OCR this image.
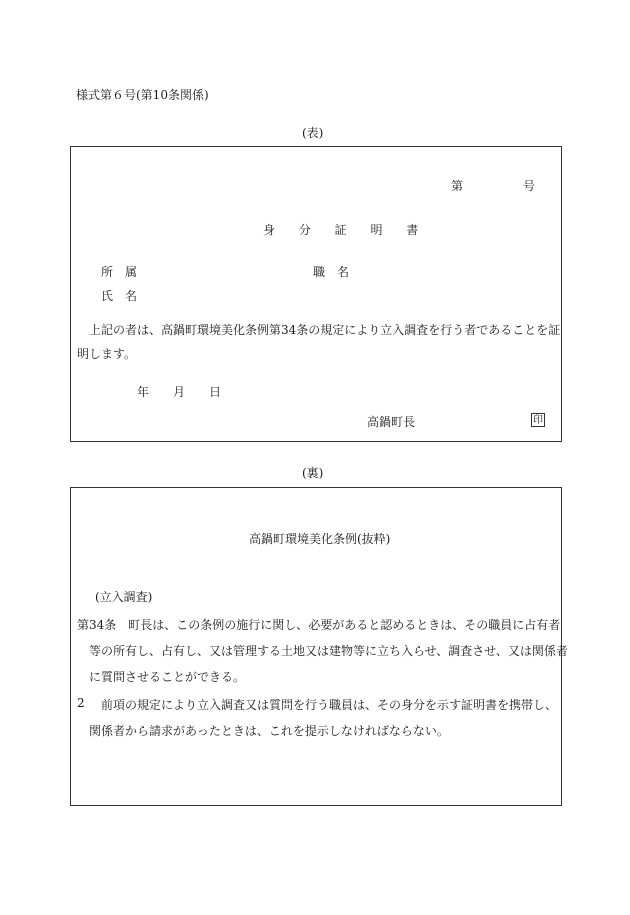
様式第６号(第10条関係)
(表)
第	号
身 分 証 明 書
所　属	職　名
氏　名
上記の者は、高鍋町環境美化条例第34条の規定により立入調査を行う者であることを証
明します。
年 月 日
高鍋町長	印
(裏)
高鍋町環境美化条例(抜粋)
(立入調査)
第34条　町長は、この条例の施行に関し、必要があると認めるときは、その職員に占有者
等の所有し、占有し、又は管理する土地又は建物等に立ち入らせ、調査させ、又は関係者
に質問させることができる。
2 前項の規定により立入調査又は質問を行う職員は、その身分を示す証明書を携帯し、
関係者から請求があったときは、これを提示しなければならない。
